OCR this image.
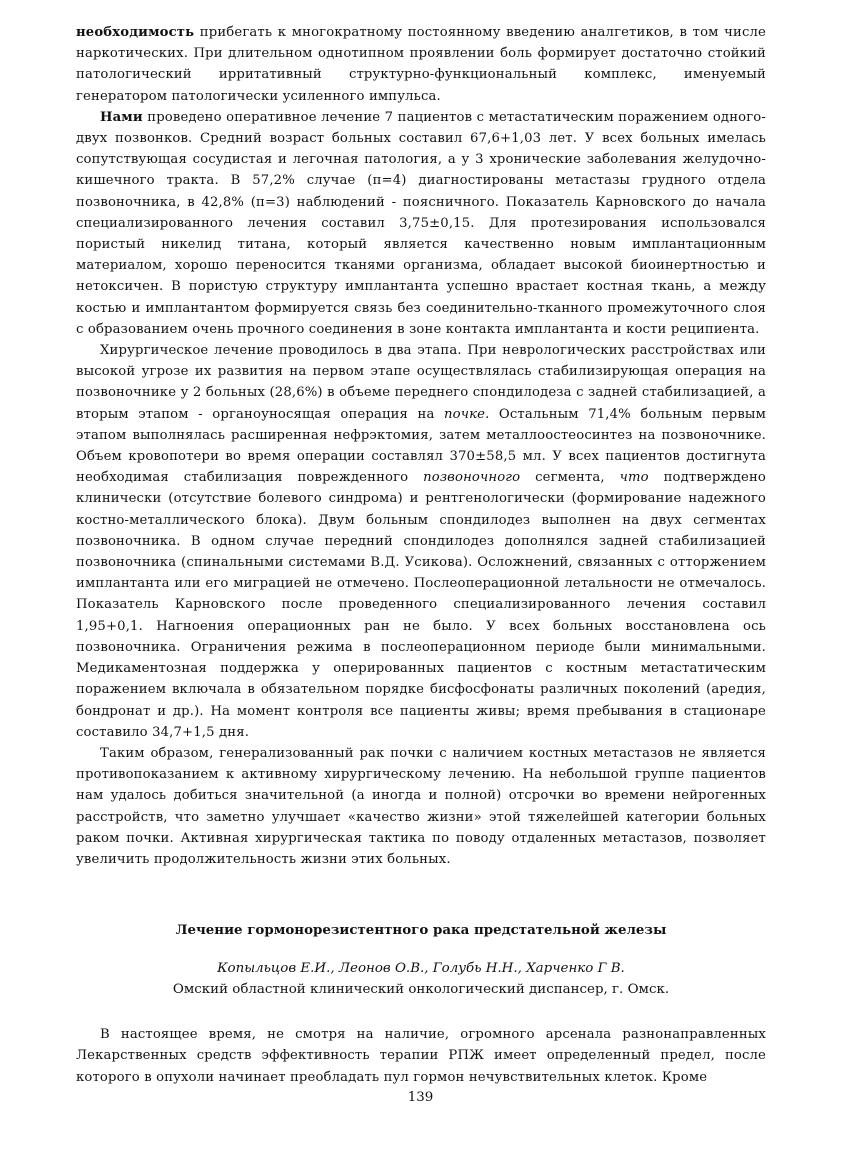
необходимость прибегать к многократному постоянному введению аналгетиков, в том числе наркотических. При длительном однотипном проявлении боль формирует достаточно стойкий патологический ирритативный структурно-функциональный комплекс, именуемый генератором патологически усиленного импульса.

Нами проведено оперативное лечение 7 пациентов с метастатическим поражением одного-двух позвонков. Средний возраст больных составил 67,6+1,03 лет. У всех больных имелась сопутствующая сосудистая и легочная патология, а у 3 хронические заболевания желудочно-кишечного тракта. В 57,2% случае (п=4) диагностированы метастазы грудного отдела позвоночника, в 42,8% (п=3) наблюдений - поясничного. Показатель Карновского до начала специализированного лечения составил 3,75±0,15. Для протезирования использовался пористый никелид титана, который является качественно новым имплантационным материалом, хорошо переносится тканями организма, обладает высокой биоинертностью и нетоксичен. В пористую структуру имплантанта успешно врастает костная ткань, а между костью и имплантантом формируется связь без соединительно-тканного промежуточного слоя с образованием очень прочного соединения в зоне контакта имплантанта и кости реципиента.

Хирургическое лечение проводилось в два этапа. При неврологических расстройствах или высокой угрозе их развития на первом этапе осуществлялась стабилизирующая операция на позвоночнике у 2 больных (28,6%) в объеме переднего спондилодеза с задней стабилизацией, а вторым этапом - органоуносящая операция на почке. Остальным 71,4% больным первым этапом выполнялась расширенная нефрэктомия, затем металлоостеосинтез на позвоночнике. Объем кровопотери во время операции составлял 370±58,5 мл. У всех пациентов достигнута необходимая стабилизация поврежденного позвоночного сегмента, что подтверждено клинически (отсутствие болевого синдрома) и рентгенологически (формирование надежного костно-металлического блока). Двум больным спондилодез выполнен на двух сегментах позвоночника. В одном случае передний спондилодез дополнялся задней стабилизацией позвоночника (спинальными системами В.Д. Усикова). Осложнений, связанных с отторжением имплантанта или его миграцией не отмечено. Послеоперационной летальности не отмечалось. Показатель Карновского после проведенного специализированного лечения составил 1,95+0,1. Нагноения операционных ран не было. У всех больных восстановлена ось позвоночника. Ограничения режима в послеоперационном периоде были минимальными. Медикаментозная поддержка у оперированных пациентов с костным метастатическим поражением включала в обязательном порядке бисфосфонаты различных поколений (аредия, бондронат и др.). На момент контроля все пациенты живы; время пребывания в стационаре составило 34,7+1,5 дня.

Таким образом, генерализованный рак почки с наличием костных метастазов не является противопоказанием к активному хирургическому лечению. На небольшой группе пациентов нам удалось добиться значительной (а иногда и полной) отсрочки во времени нейрогенных расстройств, что заметно улучшает «качество жизни» этой тяжелейшей категории больных раком почки. Активная хирургическая тактика по поводу отдаленных метастазов, позволяет увеличить продолжительность жизни этих больных.

Лечение гормонорезистентного рака предстательной железы

Копыльцов Е.И., Леонов О.В., Голубь Н.Н., Харченко Г В.

Омский областной клинический онкологический диспансер, г. Омск.

В настоящее время, не смотря на наличие, огромного арсенала разнонаправленных Лекарственных средств эффективность терапии РПЖ имеет определенный предел, после которого в опухоли начинает преобладать пул гормон нечувствительных клеток. Кроме

139
